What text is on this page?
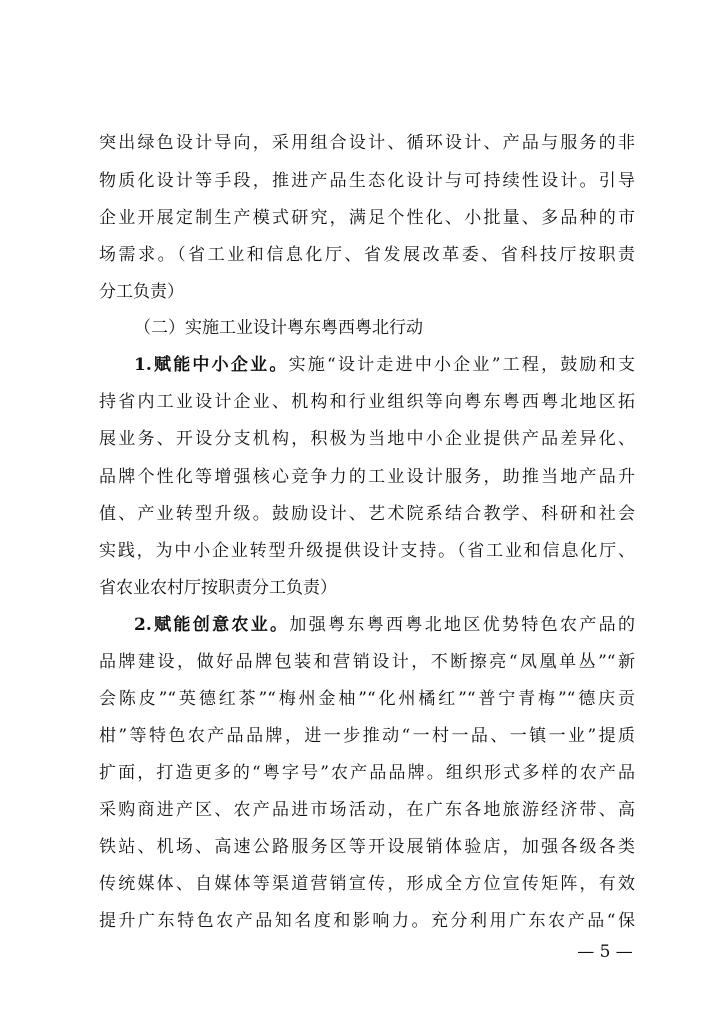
突出绿色设计导向，采用组合设计、循环设计、产品与服务的非
物质化设计等手段，推进产品生态化设计与可持续性设计。引导
企业开展定制生产模式研究，满足个性化、小批量、多品种的市
场需求。（省工业和信息化厅、省发展改革委、省科技厅按职责
分工负责）
（二）实施工业设计粤东粤西粤北行动
1.赋能中小企业。实施“设计走进中小企业”工程，鼓励和支
持省内工业设计企业、机构和行业组织等向粤东粤西粤北地区拓
展业务、开设分支机构，积极为当地中小企业提供产品差异化、
品牌个性化等增强核心竞争力的工业设计服务，助推当地产品升
值、产业转型升级。鼓励设计、艺术院系结合教学、科研和社会
实践，为中小企业转型升级提供设计支持。（省工业和信息化厅、
省农业农村厅按职责分工负责）
2.赋能创意农业。加强粤东粤西粤北地区优势特色农产品的
品牌建设，做好品牌包装和营销设计，不断擦亮“凤凰单丛”“新
会陈皮”“英德红茶”“梅州金柚”“化州橘红”“普宁青梅”“德庆贡
柑”等特色农产品品牌，进一步推动“一村一品、一镇一业”提质
扩面，打造更多的“粤字号”农产品品牌。组织形式多样的农产品
采购商进产区、农产品进市场活动，在广东各地旅游经济带、高
铁站、机场、高速公路服务区等开设展销体验店，加强各级各类
传统媒体、自媒体等渠道营销宣传，形成全方位宣传矩阵，有效
提升广东特色农产品知名度和影响力。充分利用广东农产品“保
— 5 —
